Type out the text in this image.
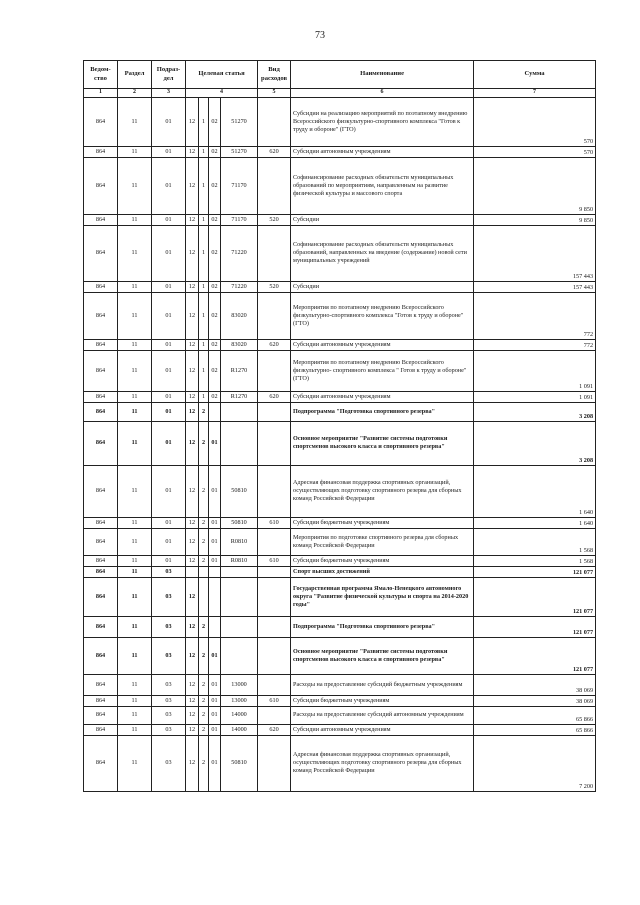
73
Ведом-ство	Раздел	Подраз-дел	Целевая статья				Вид расходов	Наименование	Сумма
1	2	3	4				5	6	7
864	11	01	12	1	02	51270		Субсидии на реализацию мероприятий по поэтапному внедрению Всероссийского физкультурно-спортивного комплекса "Готов к труду и обороне" (ГТО)	570
864	11	01	12	1	02	51270	620	Субсидии автономным учреждениям	570
864	11	01	12	1	02	71170		Софинансирование расходных обязательств муниципальных образований по мероприятиям, направленным на развитие физической культуры и массового спорта	9 850
864	11	01	12	1	02	71170	520	Субсидии	9 850
864	11	01	12	1	02	71220		Софинансирование расходных обязательств муниципальных образований, направленных на введение (содержание) новой сети муниципальных учреждений	157 443
864	11	01	12	1	02	71220	520	Субсидии	157 443
864	11	01	12	1	02	83020		Мероприятия по поэтапному внедрению Всероссийского физкультурно-спортивного комплекса "Готов к труду и обороне" (ГТО)	772
864	11	01	12	1	02	83020	620	Субсидии автономным учреждениям	772
864	11	01	12	1	02	R1270		Мероприятия по поэтапному внедрению Всероссийского физкультурно- спортивного комплекса " Готов к труду и обороне" (ГТО)	1 091
864	11	01	12	1	02	R1270	620	Субсидии автономным учреждениям	1 091
864	11	01	12	2				Подпрограмма "Подготовка спортивного резерва"	3 208
864	11	01	12	2	01			Основное мероприятие "Развитие системы подготовки спортсменов высокого класса и спортивного резерва"	3 208
864	11	01	12	2	01	50810		Адресная финансовая поддержка спортивных организаций, осуществляющих подготовку спортивного резерва для сборных команд Российской Федерации	1 640
864	11	01	12	2	01	50810	610	Субсидии бюджетным учреждениям	1 640
864	11	01	12	2	01	R0810		Мероприятия по подготовке спортивного резерва для сборных команд Российской Федерации	1 568
864	11	01	12	2	01	R0810	610	Субсидии бюджетным учреждениям	1 568
864	11	03						Спорт высших достижений	121 077
864	11	03	12					Государственная программа Ямало-Ненецкого автономного округа "Развитие физической культуры и спорта на 2014-2020 годы"	121 077
864	11	03	12	2				Подпрограмма "Подготовка спортивного резерва"	121 077
864	11	03	12	2	01			Основное мероприятие "Развитие системы подготовки спортсменов высокого класса и спортивного резерва"	121 077
864	11	03	12	2	01	13000		Расходы на предоставление субсидий бюджетным учреждениям	38 069
864	11	03	12	2	01	13000	610	Субсидии бюджетным учреждениям	38 069
864	11	03	12	2	01	14000		Расходы на предоставление субсидий автономным учреждениям	65 866
864	11	03	12	2	01	14000	620	Субсидии автономным учреждениям	65 866
864	11	03	12	2	01	50810		Адресная финансовая поддержка спортивных организаций, осуществляющих подготовку спортивного резерва для сборных команд Российской Федерации	7 200
